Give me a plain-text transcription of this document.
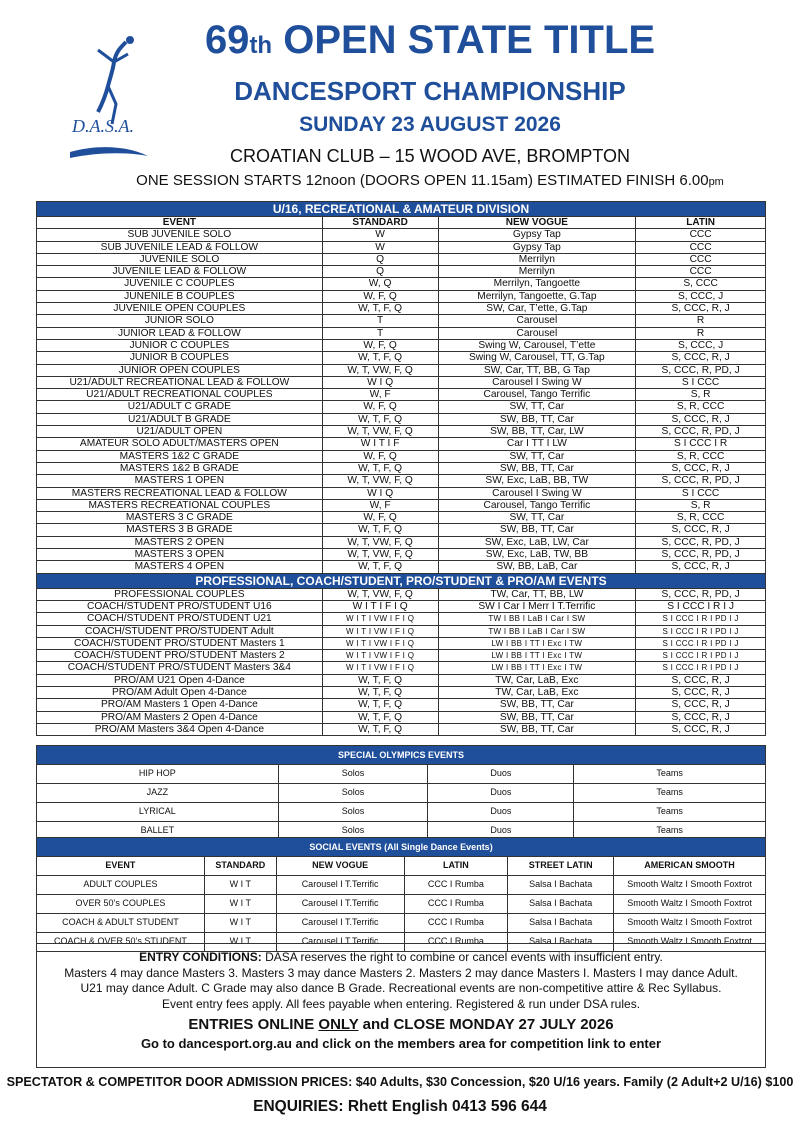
D.A.S.A.
69th OPEN STATE TITLE
DANCESPORT CHAMPIONSHIP
SUNDAY 23 AUGUST 2026
CROATIAN CLUB – 15 WOOD AVE, BROMPTON
ONE SESSION STARTS 12noon (DOORS OPEN 11.15am) ESTIMATED FINISH 6.00pm
U/16, RECREATIONAL & AMATEUR DIVISION			
EVENT	STANDARD	NEW VOGUE	LATIN
SUB JUVENILE SOLO	W	Gypsy Tap	CCC
SUB JUVENILE LEAD & FOLLOW	W	Gypsy Tap	CCC
JUVENILE SOLO	Q	Merrilyn	CCC
JUVENILE LEAD & FOLLOW	Q	Merrilyn	CCC
JUVENILE C COUPLES	W, Q	Merrilyn, Tangoette	S, CCC
JUNENILE B COUPLES	W, F, Q	Merrilyn, Tangoette, G.Tap	S, CCC, J
JUVENILE OPEN COUPLES	W, T, F, Q	SW, Car, T’ette, G.Tap	S, CCC, R, J
JUNIOR SOLO	T	Carousel	R
JUNIOR LEAD & FOLLOW	T	Carousel	R
JUNIOR C COUPLES	W, F, Q	Swing W, Carousel, T’ette	S, CCC, J
JUNIOR B COUPLES	W, T, F, Q	Swing W, Carousel, TT, G.Tap	S, CCC, R, J
JUNIOR OPEN COUPLES	W, T, VW, F, Q	SW, Car, TT, BB, G Tap	S, CCC, R, PD, J
U21/ADULT RECREATIONAL LEAD & FOLLOW	W I Q	Carousel I Swing W	S I CCC
U21/ADULT RECREATIONAL COUPLES	W, F	Carousel, Tango Terrific	S, R
U21/ADULT C GRADE	W, F, Q	SW, TT, Car	S, R, CCC
U21/ADULT B GRADE	W, T, F, Q	SW, BB, TT, Car	S, CCC, R, J
U21/ADULT OPEN	W, T, VW, F, Q	SW, BB, TT, Car, LW	S, CCC, R, PD, J
AMATEUR SOLO ADULT/MASTERS OPEN	W I T I F	Car I TT I LW	S I CCC I R
MASTERS 1&2 C GRADE	W, F, Q	SW, TT, Car	S, R, CCC
MASTERS 1&2 B GRADE	W, T, F, Q	SW, BB, TT, Car	S, CCC, R, J
MASTERS 1 OPEN	W, T, VW, F, Q	SW, Exc, LaB, BB, TW	S, CCC, R, PD, J
MASTERS RECREATIONAL LEAD & FOLLOW	W I Q	Carousel I Swing W	S I CCC
MASTERS RECREATIONAL COUPLES	W, F	Carousel, Tango Terrific	S, R
MASTERS 3 C GRADE	W, F, Q	SW, TT, Car	S, R, CCC
MASTERS 3 B GRADE	W, T, F, Q	SW, BB, TT, Car	S, CCC, R, J
MASTERS 2 OPEN	W, T, VW, F, Q	SW, Exc, LaB, LW, Car	S, CCC, R, PD, J
MASTERS 3 OPEN	W, T, VW, F, Q	SW, Exc, LaB, TW, BB	S, CCC, R, PD, J
MASTERS 4 OPEN	W, T, F, Q	SW, BB, LaB, Car	S, CCC, R, J
PROFESSIONAL, COACH/STUDENT, PRO/STUDENT & PRO/AM EVENTS			
PROFESSIONAL COUPLES	W, T, VW, F, Q	TW, Car, TT, BB, LW	S, CCC, R, PD, J
COACH/STUDENT PRO/STUDENT U16	W I T I F I Q	SW I Car I Merr I T.Terrific	S I CCC I R I J
COACH/STUDENT PRO/STUDENT U21	W I T I VW I F I Q	TW I BB I LaB I Car I SW	S I CCC I R I PD I J
COACH/STUDENT PRO/STUDENT Adult	W I T I VW I F I Q	TW I BB I LaB I Car I SW	S I CCC I R I PD I J
COACH/STUDENT PRO/STUDENT Masters 1	W I T I VW I F I Q	LW I BB I TT I Exc I TW	S I CCC I R I PD I J
COACH/STUDENT PRO/STUDENT Masters 2	W I T I VW I F I Q	LW I BB I TT I Exc I TW	S I CCC I R I PD I J
COACH/STUDENT PRO/STUDENT Masters 3&4	W I T I VW I F I Q	LW I BB I TT I Exc I TW	S I CCC I R I PD I J
PRO/AM U21 Open 4-Dance	W, T, F, Q	TW, Car, LaB, Exc	S, CCC, R, J
PRO/AM Adult Open 4-Dance	W, T, F, Q	TW, Car, LaB, Exc	S, CCC, R, J
PRO/AM Masters 1 Open 4-Dance	W, T, F, Q	SW, BB, TT, Car	S, CCC, R, J
PRO/AM Masters 2 Open 4-Dance	W, T, F, Q	SW, BB, TT, Car	S, CCC, R, J
PRO/AM Masters 3&4 Open 4-Dance	W, T, F, Q	SW, BB, TT, Car	S, CCC, R, J
SPECIAL OLYMPICS EVENTS			
HIP HOP	Solos	Duos	Teams
JAZZ	Solos	Duos	Teams
LYRICAL	Solos	Duos	Teams
BALLET	Solos	Duos	Teams
SOCIAL EVENTS (All Single Dance Events)					
EVENT	STANDARD	NEW VOGUE	LATIN	STREET LATIN	AMERICAN SMOOTH
ADULT COUPLES	W I T	Carousel I T.Terrific	CCC I Rumba	Salsa I Bachata	Smooth Waltz I Smooth Foxtrot
OVER 50’s COUPLES	W I T	Carousel I T.Terrific	CCC I Rumba	Salsa I Bachata	Smooth Waltz I Smooth Foxtrot
COACH & ADULT STUDENT	W I T	Carousel I T.Terrific	CCC I Rumba	Salsa I Bachata	Smooth Waltz I Smooth Foxtrot
COACH & OVER 50’s STUDENT	W I T	Carousel I T.Terrific	CCC I Rumba	Salsa I Bachata	Smooth Waltz I Smooth Foxtrot

ENTRY CONDITIONS: DASA reserves the right to combine or cancel events with insufficient entry.

Masters 4 may dance Masters 3. Masters 3 may dance Masters 2. Masters 2 may dance Masters I. Masters I may dance Adult.

U21 may dance Adult. C Grade may also dance B Grade. Recreational events are non-competitive attire & Rec Syllabus.

Event entry fees apply. All fees payable when entering. Registered & run under DSA rules.

ENTRIES ONLINE ONLY and CLOSE MONDAY 27 JULY 2026

Go to dancesport.org.au and click on the members area for competition link to enter

SPECTATOR & COMPETITOR DOOR ADMISSION PRICES: $40 Adults, $30 Concession, $20 U/16 years. Family (2 Adult+2 U/16) $100
ENQUIRIES: Rhett English 0413 596 644
